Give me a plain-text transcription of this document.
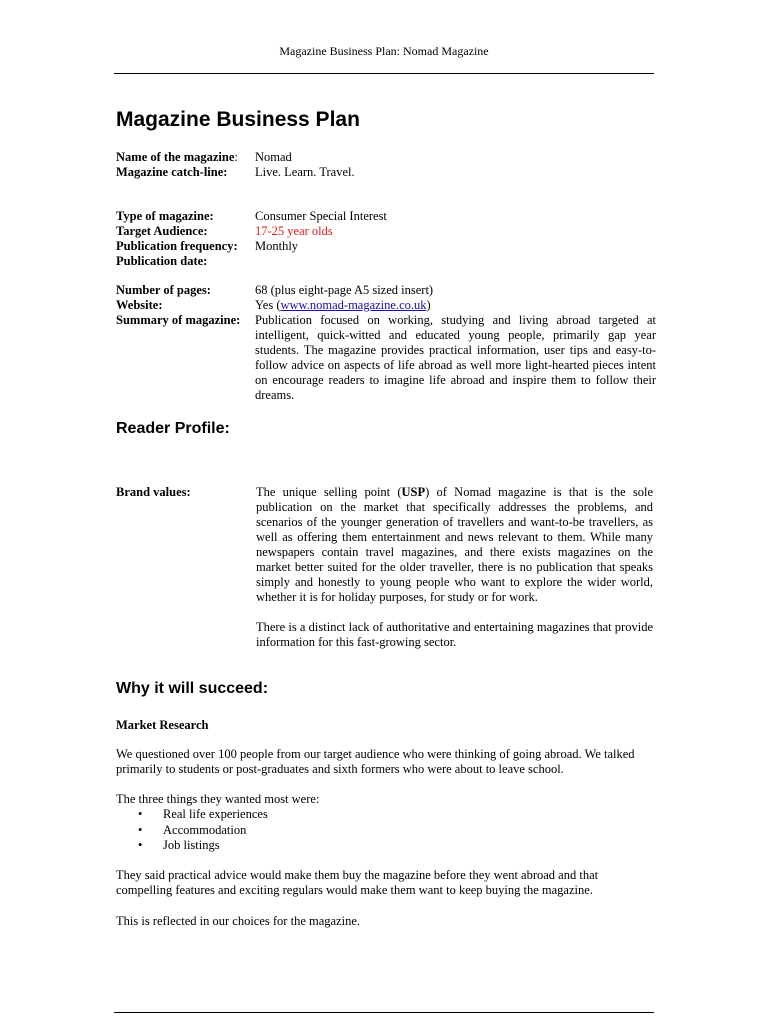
Magazine Business Plan: Nomad Magazine
Magazine Business Plan
Name of the magazine:	Nomad
Magazine catch-line:	Live. Learn. Travel.
Type of magazine:	Consumer Special Interest
Target Audience:	17-25 year olds
Publication frequency:	Monthly
Publication date:
Number of pages:	68 (plus eight-page A5 sized insert)
Website:	Yes (www.nomad-magazine.co.uk)
Summary of magazine:	Publication focused on working, studying and living abroad targeted at intelligent, quick-witted and educated young people, primarily gap year students. The magazine provides practical information, user tips and easy-to-follow advice on aspects of life abroad as well more light-hearted pieces intent on encourage readers to imagine life abroad and inspire them to follow their dreams.
Reader Profile:
Brand values:	The unique selling point (USP) of Nomad magazine is that is the sole publication on the market that specifically addresses the problems, and scenarios of the younger generation of travellers and want-to-be travellers, as well as offering them entertainment and news relevant to them. While many newspapers contain travel magazines, and there exists magazines on the market better suited for the older traveller, there is no publication that speaks simply and honestly to young people who want to explore the wider world, whether it is for holiday purposes, for study or for work.
There is a distinct lack of authoritative and entertaining magazines that provide information for this fast-growing sector.
Why it will succeed:
Market Research

We questioned over 100 people from our target audience who were thinking of going abroad. We talked primarily to students or post-graduates and sixth formers who were about to leave school.

The three things they wanted most were:

• Real life experiences
• Accommodation
• Job listings

They said practical advice would make them buy the magazine before they went abroad and that compelling features and exciting regulars would make them want to keep buying the magazine.

This is reflected in our choices for the magazine.
